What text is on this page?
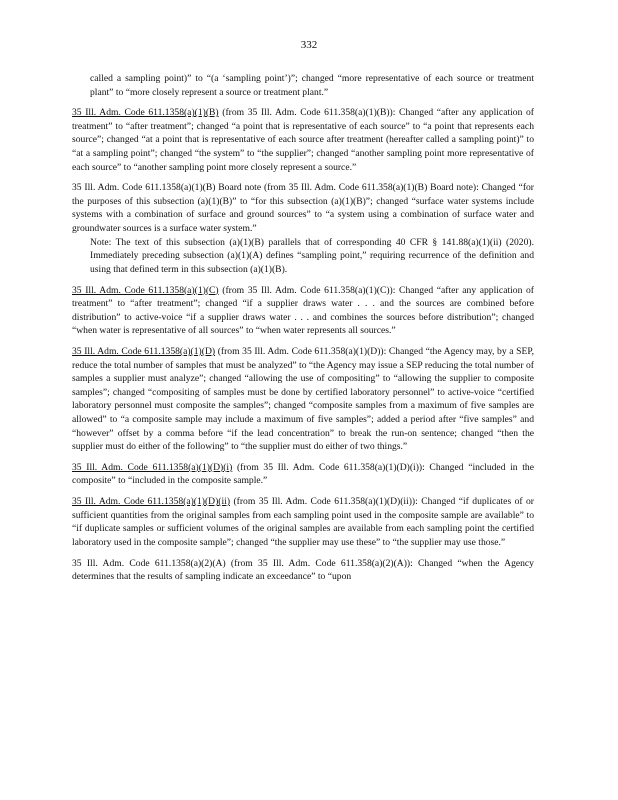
332

called a sampling point)” to “(a ‘sampling point’)”; changed “more representative of each source or treatment plant” to “more closely represent a source or treatment plant.”

35 Ill. Adm. Code 611.1358(a)(1)(B) (from 35 Ill. Adm. Code 611.358(a)(1)(B)): Changed “after any application of treatment” to “after treatment”; changed “a point that is representative of each source” to “a point that represents each source”; changed “at a point that is representative of each source after treatment (hereafter called a sampling point)” to “at a sampling point”; changed “the system” to “the supplier”; changed “another sampling point more representative of each source” to “another sampling point more closely represent a source.”

35 Ill. Adm. Code 611.1358(a)(1)(B) Board note (from 35 Ill. Adm. Code 611.358(a)(1)(B) Board note): Changed “for the purposes of this subsection (a)(1)(B)” to “for this subsection (a)(1)(B)”; changed “surface water systems include systems with a combination of surface and ground sources” to “a system using a combination of surface water and groundwater sources is a surface water system.”
Note: The text of this subsection (a)(1)(B) parallels that of corresponding 40 CFR § 141.88(a)(1)(ii) (2020). Immediately preceding subsection (a)(1)(A) defines “sampling point,” requiring recurrence of the definition and using that defined term in this subsection (a)(1)(B).

35 Ill. Adm. Code 611.1358(a)(1)(C) (from 35 Ill. Adm. Code 611.358(a)(1)(C)): Changed “after any application of treatment” to “after treatment”; changed “if a supplier draws water . . . and the sources are combined before distribution” to active-voice “if a supplier draws water . . . and combines the sources before distribution”; changed “when water is representative of all sources” to “when water represents all sources.”

35 Ill. Adm. Code 611.1358(a)(1)(D) (from 35 Ill. Adm. Code 611.358(a)(1)(D)): Changed “the Agency may, by a SEP, reduce the total number of samples that must be analyzed” to “the Agency may issue a SEP reducing the total number of samples a supplier must analyze”; changed “allowing the use of compositing” to “allowing the supplier to composite samples”; changed “compositing of samples must be done by certified laboratory personnel” to active-voice “certified laboratory personnel must composite the samples”; changed “composite samples from a maximum of five samples are allowed” to “a composite sample may include a maximum of five samples”; added a period after “five samples” and “however” offset by a comma before “if the lead concentration” to break the run-on sentence; changed “then the supplier must do either of the following” to “the supplier must do either of two things.”

35 Ill. Adm. Code 611.1358(a)(1)(D)(i) (from 35 Ill. Adm. Code 611.358(a)(1)(D)(i)): Changed “included in the composite” to “included in the composite sample.”

35 Ill. Adm. Code 611.1358(a)(1)(D)(ii) (from 35 Ill. Adm. Code 611.358(a)(1)(D)(ii)): Changed “if duplicates of or sufficient quantities from the original samples from each sampling point used in the composite sample are available” to “if duplicate samples or sufficient volumes of the original samples are available from each sampling point the certified laboratory used in the composite sample”; changed “the supplier may use these” to “the supplier may use those.”

35 Ill. Adm. Code 611.1358(a)(2)(A) (from 35 Ill. Adm. Code 611.358(a)(2)(A)): Changed “when the Agency determines that the results of sampling indicate an exceedance” to “upon
